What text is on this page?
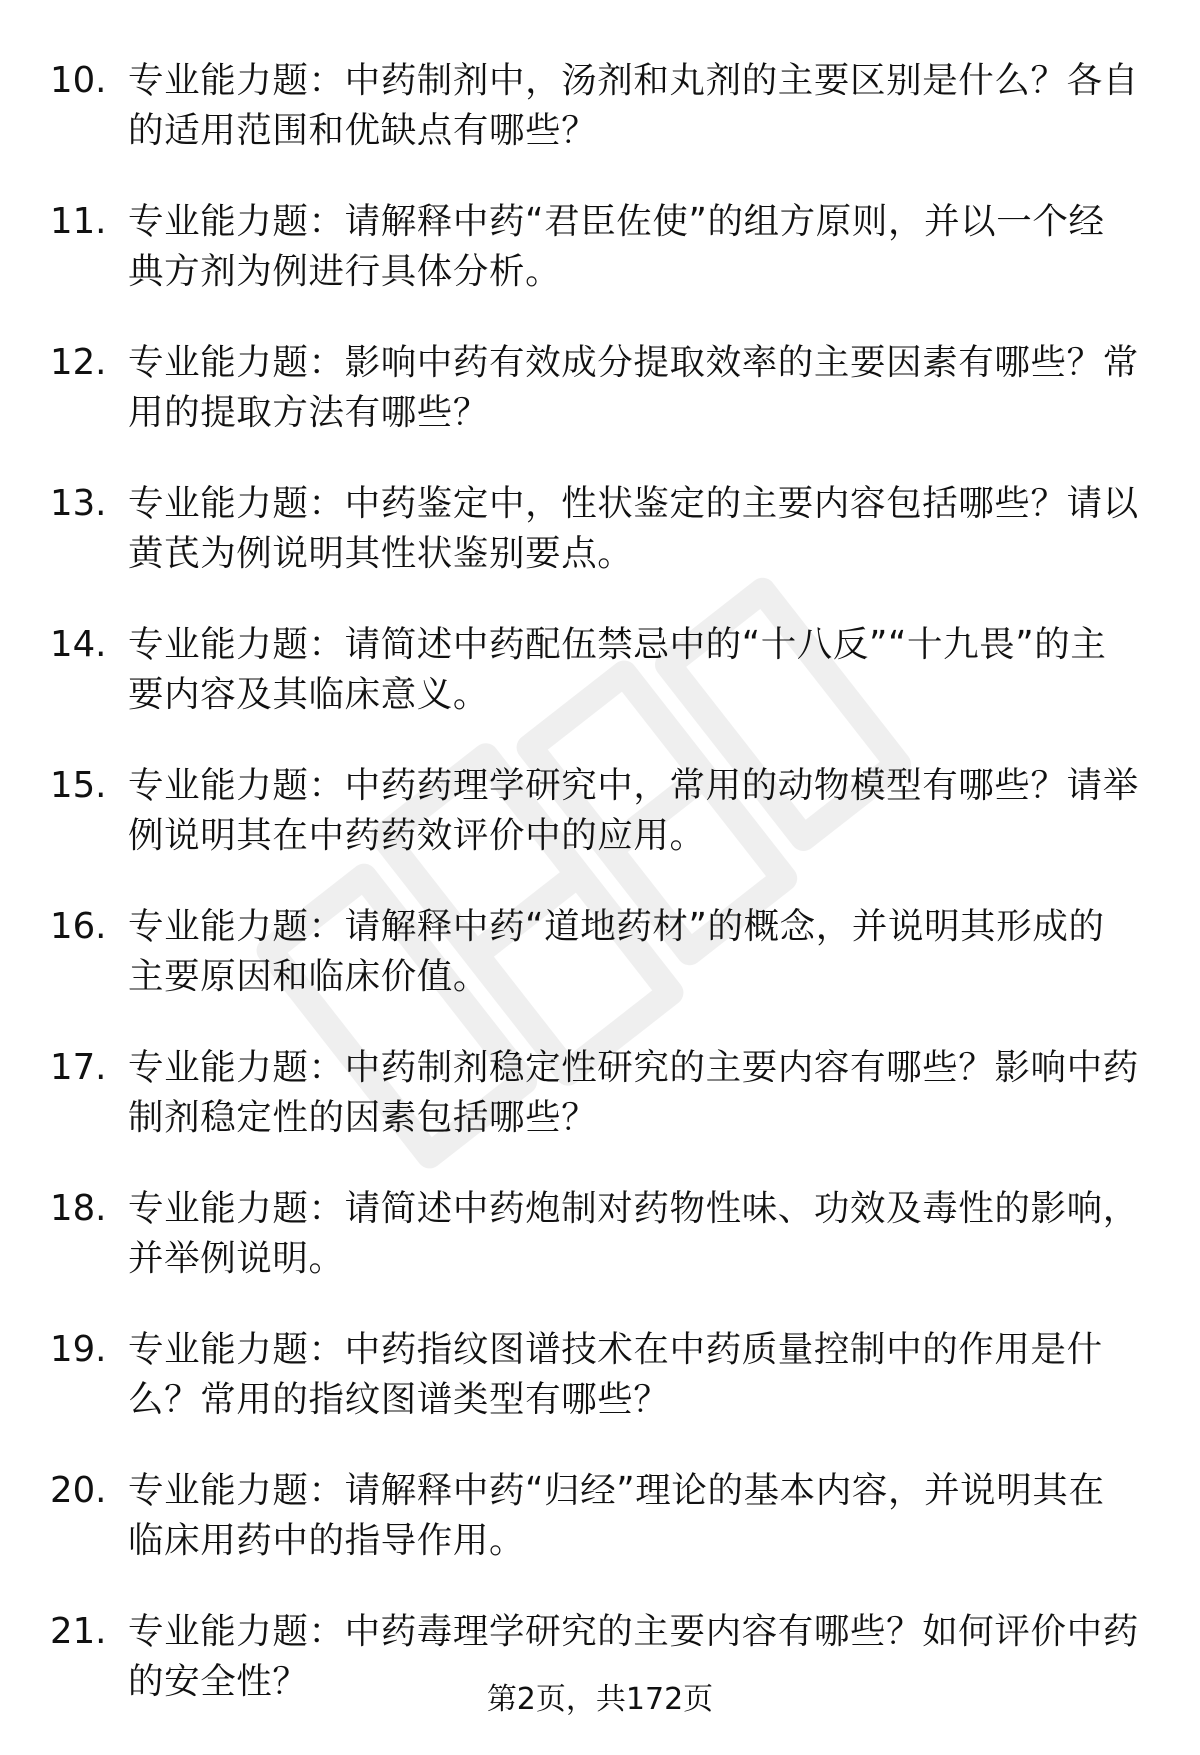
10. 专业能力题：中药制剂中，汤剂和丸剂的主要区别是什么？各自的适用范围和优缺点有哪些？
11. 专业能力题：请解释中药“君臣佐使”的组方原则，并以一个经典方剂为例进行具体分析。
12. 专业能力题：影响中药有效成分提取效率的主要因素有哪些？常用的提取方法有哪些？
13. 专业能力题：中药鉴定中，性状鉴定的主要内容包括哪些？请以黄芪为例说明其性状鉴别要点。
14. 专业能力题：请简述中药配伍禁忌中的“十八反”“十九畏”的主要内容及其临床意义。
15. 专业能力题：中药药理学研究中，常用的动物模型有哪些？请举例说明其在中药药效评价中的应用。
16. 专业能力题：请解释中药“道地药材”的概念，并说明其形成的主要原因和临床价值。
17. 专业能力题：中药制剂稳定性研究的主要内容有哪些？影响中药制剂稳定性的因素包括哪些？
18. 专业能力题：请简述中药炮制对药物性味、功效及毒性的影响，并举例说明。
19. 专业能力题：中药指纹图谱技术在中药质量控制中的作用是什么？常用的指纹图谱类型有哪些？
20. 专业能力题：请解释中药“归经”理论的基本内容，并说明其在临床用药中的指导作用。
21. 专业能力题：中药毒理学研究的主要内容有哪些？如何评价中药的安全性？	第2页，共172页
